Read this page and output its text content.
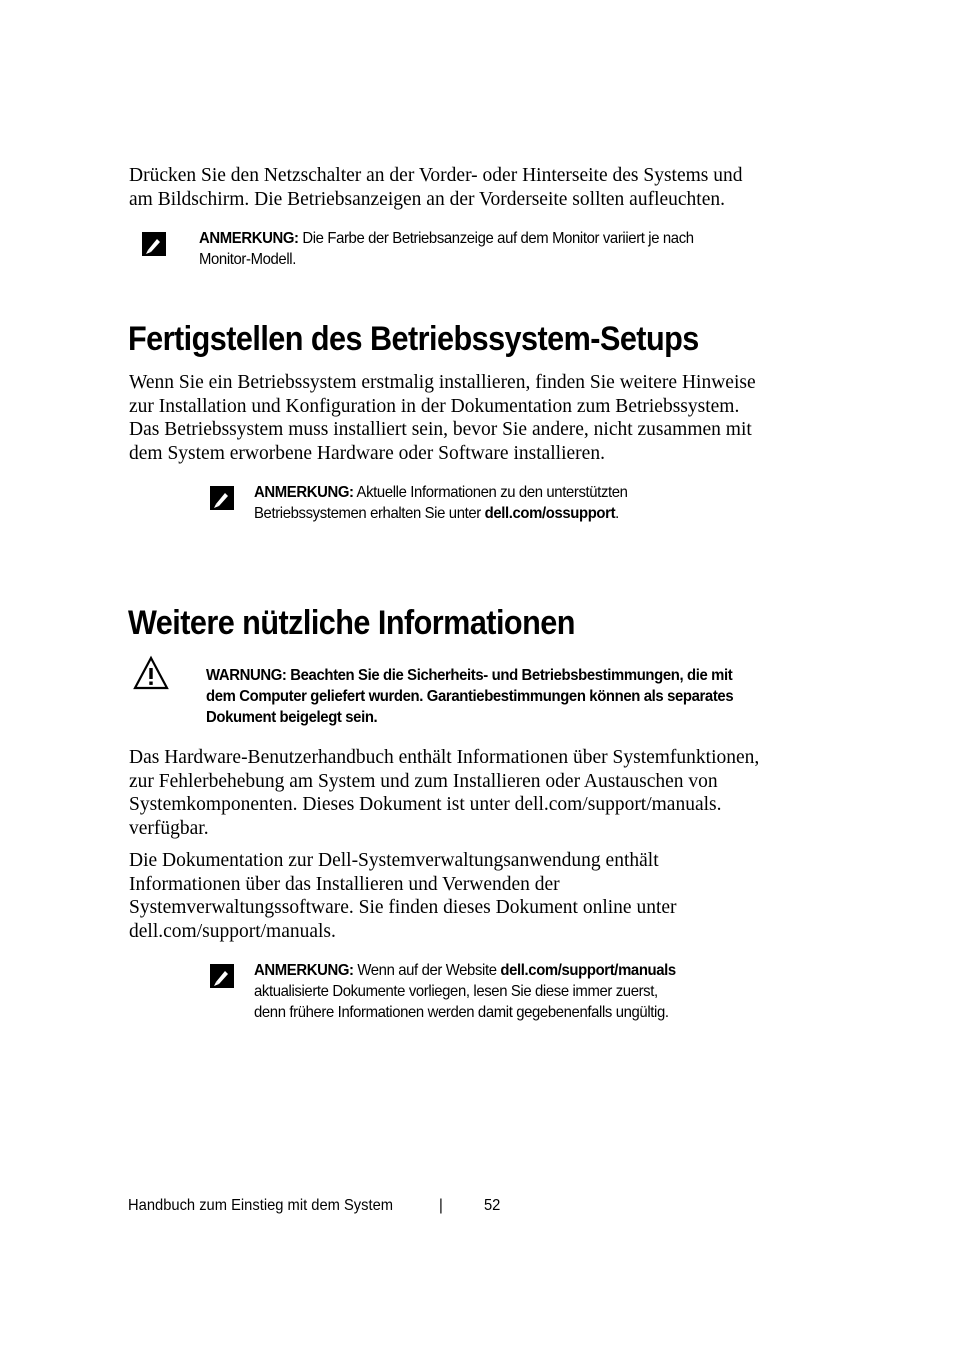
Drücken Sie den Netzschalter an der Vorder- oder Hinterseite des Systems und
am Bildschirm. Die Betriebsanzeigen an der Vorderseite sollten aufleuchten.

ANMERKUNG: Die Farbe der Betriebsanzeige auf dem Monitor variiert je nach
Monitor-Modell.
Fertigstellen des Betriebssystem-Setups

Wenn Sie ein Betriebssystem erstmalig installieren, finden Sie weitere Hinweise
zur Installation und Konfiguration in der Dokumentation zum Betriebssystem.
Das Betriebssystem muss installiert sein, bevor Sie andere, nicht zusammen mit
dem System erworbene Hardware oder Software installieren.

ANMERKUNG: Aktuelle Informationen zu den unterstützten
Betriebssystemen erhalten Sie unter dell.com/ossupport.
Weitere nützliche Informationen
WARNUNG: Beachten Sie die Sicherheits- und Betriebsbestimmungen, die mit
dem Computer geliefert wurden. Garantiebestimmungen können als separates
Dokument beigelegt sein.

Das Hardware-Benutzerhandbuch enthält Informationen über Systemfunktionen,
zur Fehlerbehebung am System und zum Installieren oder Austauschen von
Systemkomponenten. Dieses Dokument ist unter dell.com/support/manuals.
verfügbar.

Die Dokumentation zur Dell-Systemverwaltungsanwendung enthält
Informationen über das Installieren und Verwenden der
Systemverwaltungssoftware. Sie finden dieses Dokument online unter
dell.com/support/manuals.

ANMERKUNG: Wenn auf der Website dell.com/support/manuals
aktualisierte Dokumente vorliegen, lesen Sie diese immer zuerst,
denn frühere Informationen werden damit gegebenenfalls ungültig.
Handbuch zum Einstieg mit dem System	|	52
